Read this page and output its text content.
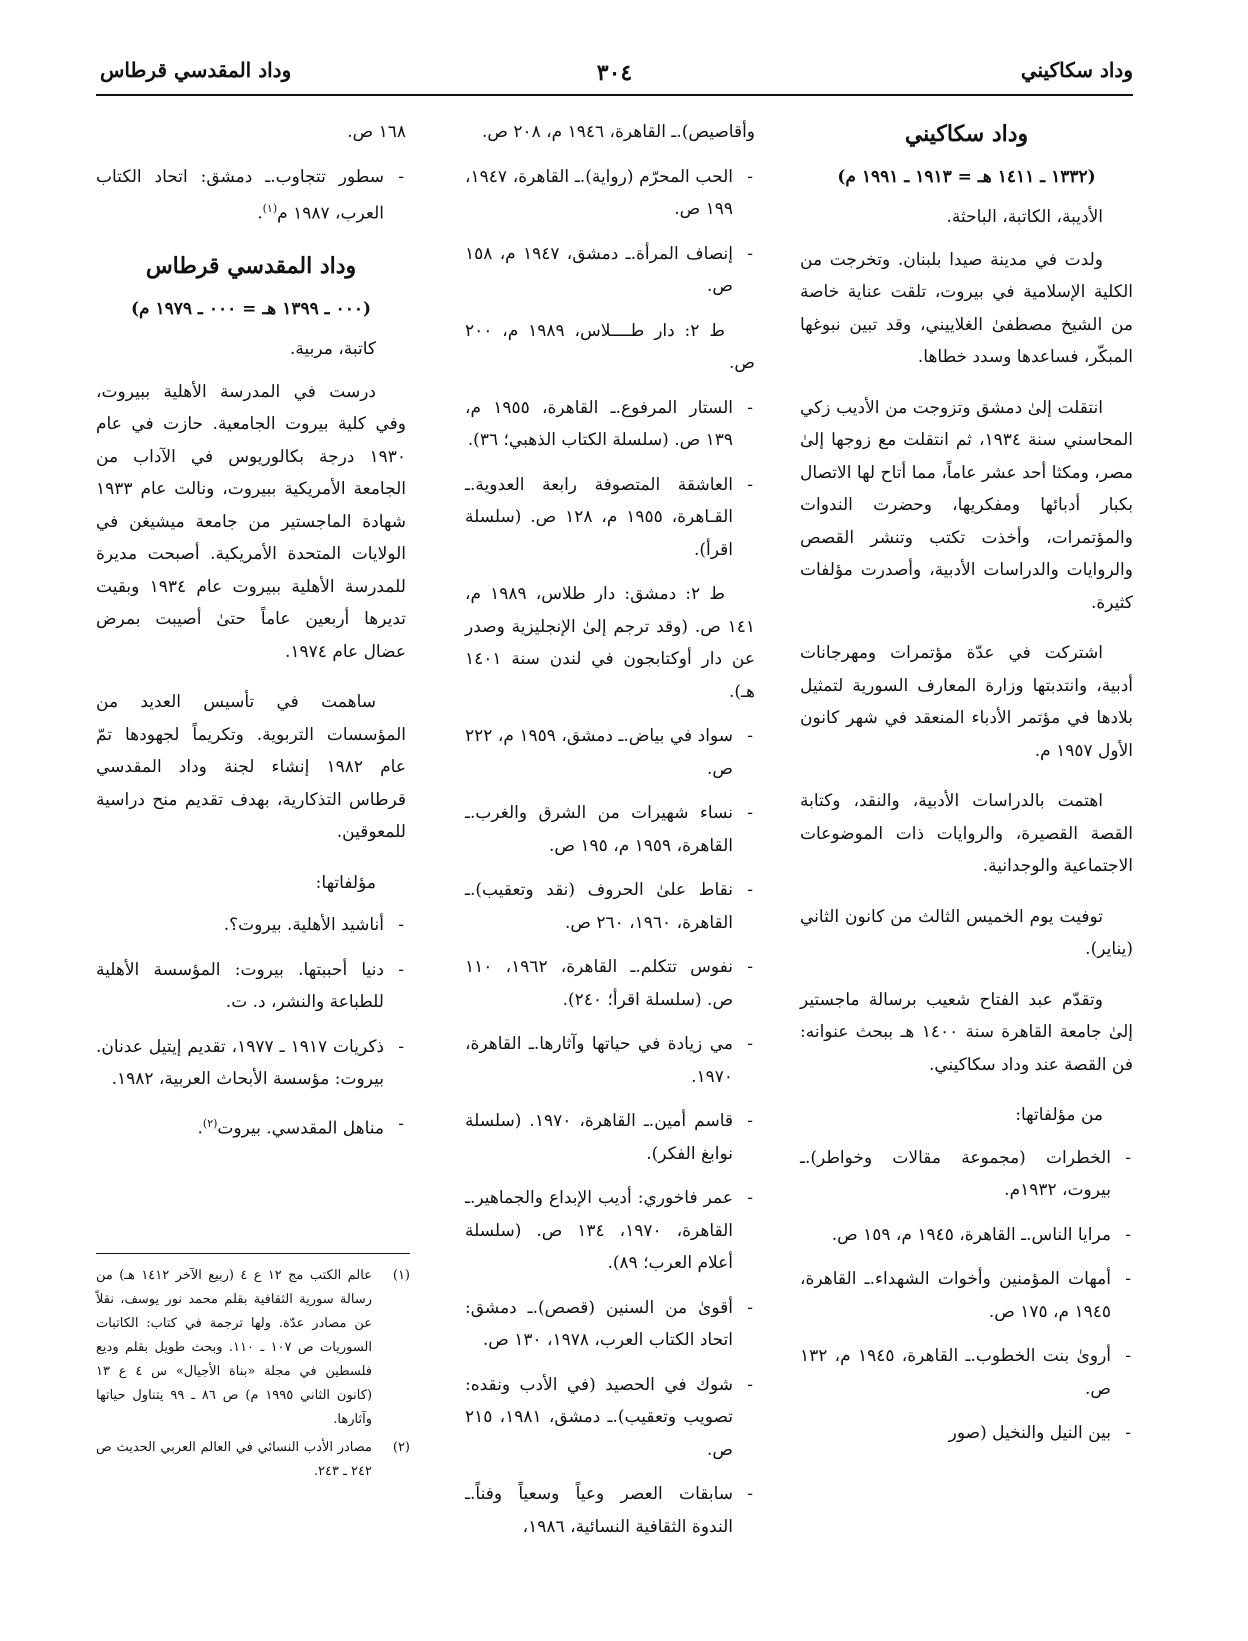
وداد سكاكيني
٣٠٤
وداد المقدسي قرطاس
وداد سكاكيني
(١٣٣٢ ـ ١٤١١ هـ = ١٩١٣ ـ ١٩٩١ م)
الأديبة، الكاتبة، الباحثة.
ولدت في مدينة صيدا بلبنان. وتخرجت من الكلية الإسلامية في بيروت، تلقت عناية خاصة من الشيخ مصطفىٰ الغلاييني، وقد تبين نبوغها المبكّر، فساعدها وسدد خطاها.
انتقلت إلىٰ دمشق وتزوجت من الأديب زكي المحاسني سنة ١٩٣٤، ثم انتقلت مع زوجها إلىٰ مصر، ومكثا أحد عشر عاماً، مما أتاح لها الاتصال بكبار أدبائها ومفكريها، وحضرت الندوات والمؤتمرات، وأخذت تكتب وتنشر القصص والروايات والدراسات الأدبية، وأصدرت مؤلفات كثيرة.
اشتركت في عدّة مؤتمرات ومهرجانات أدبية، وانتدبتها وزارة المعارف السورية لتمثيل بلادها في مؤتمر الأدباء المنعقد في شهر كانون الأول ١٩٥٧ م.
اهتمت بالدراسات الأدبية، والنقد، وكتابة القصة القصيرة، والروايات ذات الموضوعات الاجتماعية والوجدانية.
توفيت يوم الخميس الثالث من كانون الثاني (يناير).
وتقدّم عبد الفتاح شعيب برسالة ماجستير إلىٰ جامعة القاهرة سنة ١٤٠٠ هـ ببحث عنوانه: فن القصة عند وداد سكاكيني.
من مؤلفاتها:
- الخطرات (مجموعة مقالات وخواطر).ـ بيروت، ١٩٣٢م.
- مرايا الناس.ـ القاهرة، ١٩٤٥ م، ١٥٩ ص.
- أمهات المؤمنين وأخوات الشهداء.ـ القاهرة، ١٩٤٥ م، ١٧٥ ص.
- أروىٰ بنت الخطوب.ـ القاهرة، ١٩٤٥ م، ١٣٢ ص.
- بين النيل والنخيل (صور
وأقاصيص).ـ القاهرة، ١٩٤٦ م، ٢٠٨ ص.
- الحب المحرّم (رواية).ـ القاهرة، ١٩٤٧، ١٩٩ ص.
- إنصاف المرأة.ـ دمشق، ١٩٤٧ م، ١٥٨ ص.
ط ٢: دار طــــلاس، ١٩٨٩ م، ٢٠٠ ص.
- الستار المرفوع.ـ القاهرة، ١٩٥٥ م، ١٣٩ ص. (سلسلة الكتاب الذهبي؛ ٣٦).
- العاشقة المتصوفة رابعة العدوية.ـ القـاهرة، ١٩٥٥ م، ١٢٨ ص. (سلسلة اقرأ).
ط ٢: دمشق: دار طلاس، ١٩٨٩ م، ١٤١ ص. (وقد ترجم إلىٰ الإنجليزية وصدر عن دار أوكتابجون في لندن سنة ١٤٠١ هـ).
- سواد في بياض.ـ دمشق، ١٩٥٩ م، ٢٢٢ ص.
- نساء شهيرات من الشرق والغرب.ـ القاهرة، ١٩٥٩ م، ١٩٥ ص.
- نقاط علىٰ الحروف (نقد وتعقيب).ـ القاهرة، ١٩٦٠، ٢٦٠ ص.
- نفوس تتكلم.ـ القاهرة، ١٩٦٢، ١١٠ ص. (سلسلة اقرأ؛ ٢٤٠).
- مي زيادة في حياتها وآثارها.ـ القاهرة، ١٩٧٠.
- قاسم أمين.ـ القاهرة، ١٩٧٠. (سلسلة نوابغ الفكر).
- عمر فاخوري: أديب الإبداع والجماهير.ـ القاهرة، ١٩٧٠، ١٣٤ ص. (سلسلة أعلام العرب؛ ٨٩).
- أقوىٰ من السنين (قصص).ـ دمشق: اتحاد الكتاب العرب، ١٩٧٨، ١٣٠ ص.
- شوك في الحصيد (في الأدب ونقده: تصويب وتعقيب).ـ دمشق، ١٩٨١، ٢١٥ ص.
- سابقات العصر وعياً وسعياً وفناً.ـ الندوة الثقافية النسائية، ١٩٨٦،
١٦٨ ص.
- سطور تتجاوب.ـ دمشق: اتحاد الكتاب العرب، ١٩٨٧ م$^{(١)}$.
وداد المقدسي قرطاس
(٠٠٠ ـ ١٣٩٩ هـ = ٠٠٠ ـ ١٩٧٩ م)
كاتبة، مربية.
درست في المدرسة الأهلية ببيروت، وفي كلية بيروت الجامعية. حازت في عام ١٩٣٠ درجة بكالوريوس في الآداب من الجامعة الأمريكية ببيروت، ونالت عام ١٩٣٣ شهادة الماجستير من جامعة ميشيغن في الولايات المتحدة الأمريكية. أصبحت مديرة للمدرسة الأهلية ببيروت عام ١٩٣٤ وبقيت تديرها أربعين عاماً حتىٰ أصيبت بمرض عضال عام ١٩٧٤.
ساهمت في تأسيس العديد من المؤسسات التربوية. وتكريماً لجهودها تمّ عام ١٩٨٢ إنشاء لجنة وداد المقدسي قرطاس التذكارية، بهدف تقديم منح دراسية للمعوقين.
مؤلفاتها:
- أناشيد الأهلية. بيروت؟.
- دنيا أحببتها. بيروت: المؤسسة الأهلية للطباعة والنشر، د. ت.
- ذكريات ١٩١٧ ـ ١٩٧٧، تقديم إيتيل عدنان. بيروت: مؤسسة الأبحاث العربية، ١٩٨٢.
- مناهل المقدسي. بيروت$^{(٢)}$.
(١)
عالم الكتب مج ١٢ ع ٤ (ربيع الآخر ١٤١٢ هـ) من رسالة سورية الثقافية بقلم محمد نور يوسف، نقلاً عن مصادر عدّة. ولها ترجمة في كتاب: الكاتبات السوريات ص ١٠٧ ـ ١١٠. وبحث طويل بقلم وديع فلسطين في مجلة «بناة الأجيال» س ٤ ع ١٣ (كانون الثاني ١٩٩٥ م) ص ٨٦ ـ ٩٩ يتناول حياتها وآثارها.
(٢)
مصادر الأدب النسائي في العالم العربي الحديث ص ٢٤٢ ـ ٢٤٣.
